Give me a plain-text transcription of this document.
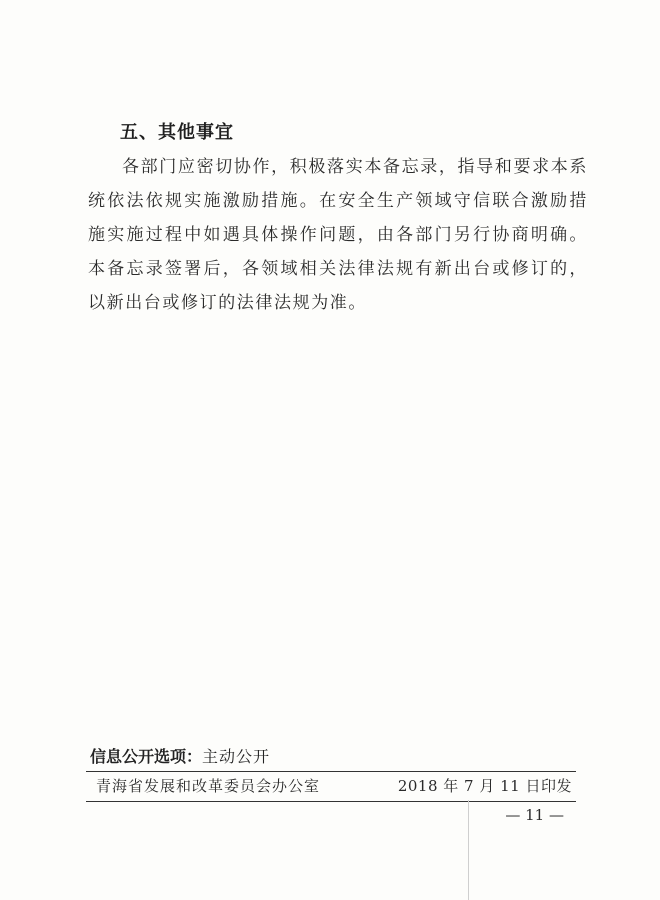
五、其他事宜

各部门应密切协作，积极落实本备忘录，指导和要求本系统依法依规实施激励措施。在安全生产领域守信联合激励措施实施过程中如遇具体操作问题，由各部门另行协商明确。本备忘录签署后，各领域相关法律法规有新出台或修订的，以新出台或修订的法律法规为准。

信息公开选项：主动公开
青海省发展和改革委员会办公室	2018 年 7 月 11 日印发
— 11 —
